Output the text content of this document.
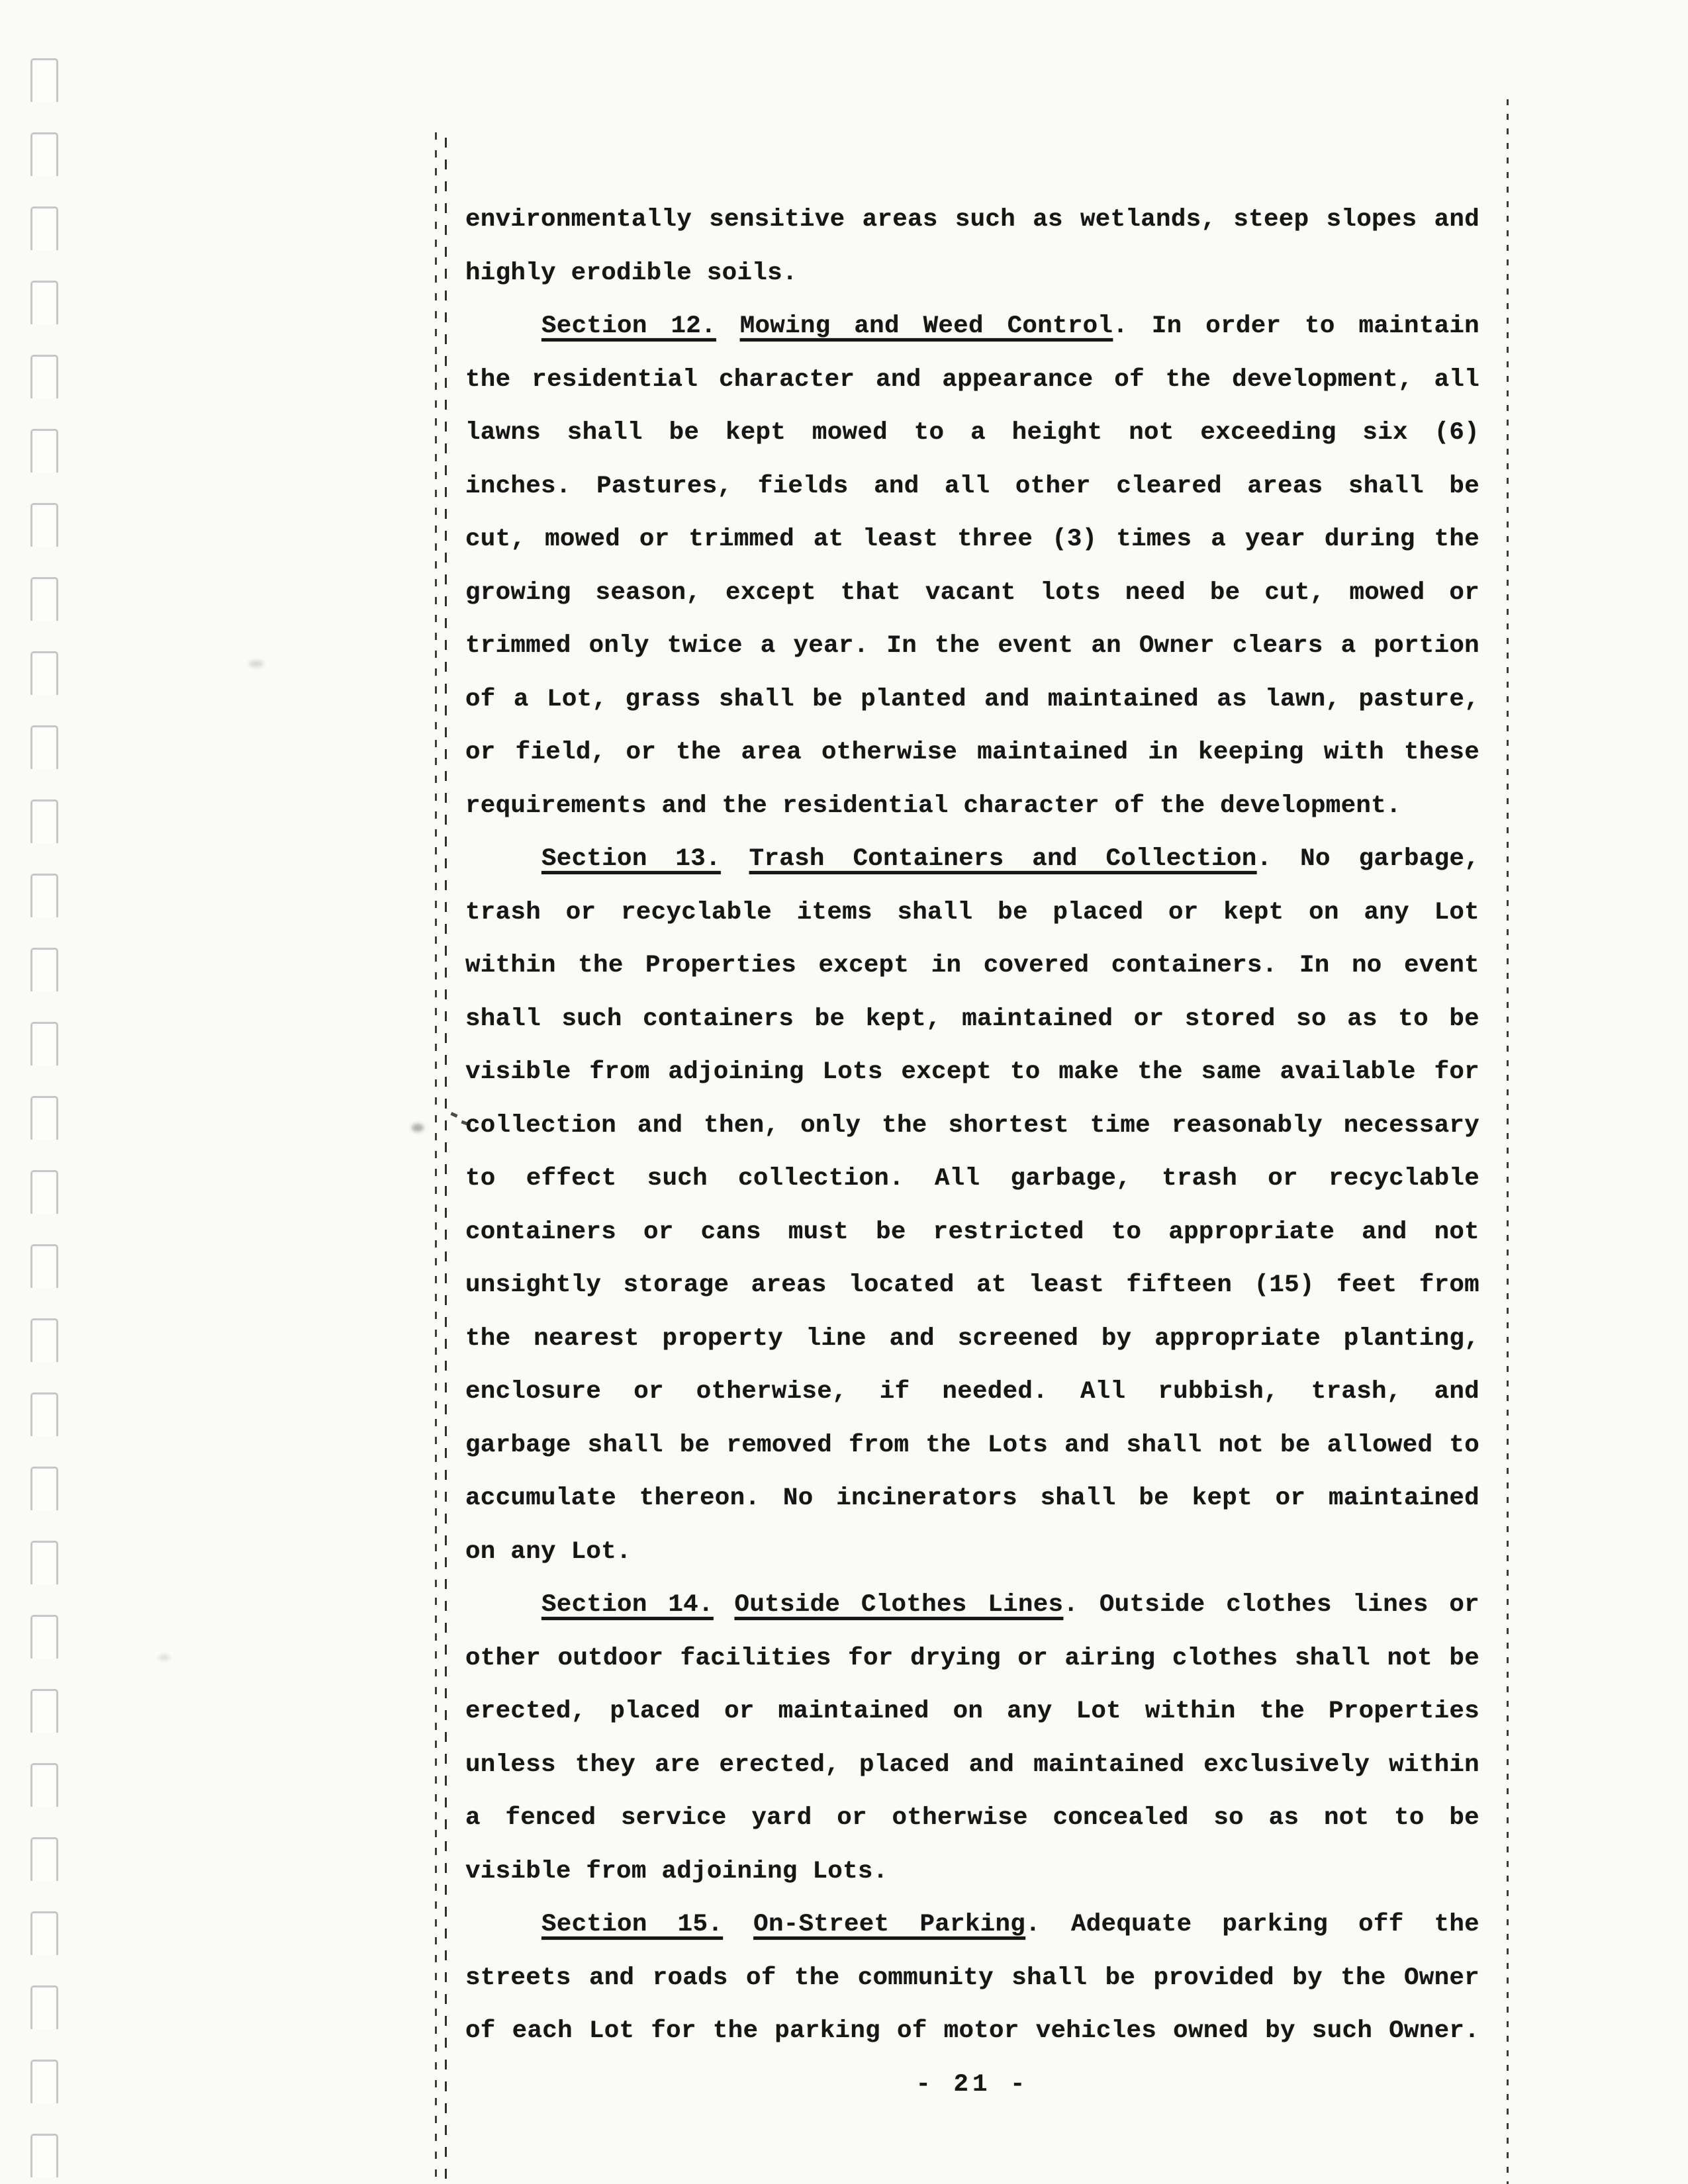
environmentally sensitive areas such as wetlands, steep slopes and
highly erodible soils.
Section 12. Mowing and Weed Control. In order to maintain
the residential character and appearance of the development, all
lawns shall be kept mowed to a height not exceeding six (6)
inches. Pastures, fields and all other cleared areas shall be
cut, mowed or trimmed at least three (3) times a year during the
growing season, except that vacant lots need be cut, mowed or
trimmed only twice a year. In the event an Owner clears a portion
of a Lot, grass shall be planted and maintained as lawn, pasture,
or field, or the area otherwise maintained in keeping with these
requirements and the residential character of the development.
Section 13. Trash Containers and Collection. No garbage,
trash or recyclable items shall be placed or kept on any Lot
within the Properties except in covered containers. In no event
shall such containers be kept, maintained or stored so as to be
visible from adjoining Lots except to make the same available for
collection and then, only the shortest time reasonably necessary
to effect such collection. All garbage, trash or recyclable
containers or cans must be restricted to appropriate and not
unsightly storage areas located at least fifteen (15) feet from
the nearest property line and screened by appropriate planting,
enclosure or otherwise, if needed. All rubbish, trash, and
garbage shall be removed from the Lots and shall not be allowed to
accumulate thereon. No incinerators shall be kept or maintained
on any Lot.
Section 14. Outside Clothes Lines. Outside clothes lines or
other outdoor facilities for drying or airing clothes shall not be
erected, placed or maintained on any Lot within the Properties
unless they are erected, placed and maintained exclusively within
a fenced service yard or otherwise concealed so as not to be
visible from adjoining Lots.
Section 15. On-Street Parking. Adequate parking off the
streets and roads of the community shall be provided by the Owner
of each Lot for the parking of motor vehicles owned by such Owner.
- 21 -
